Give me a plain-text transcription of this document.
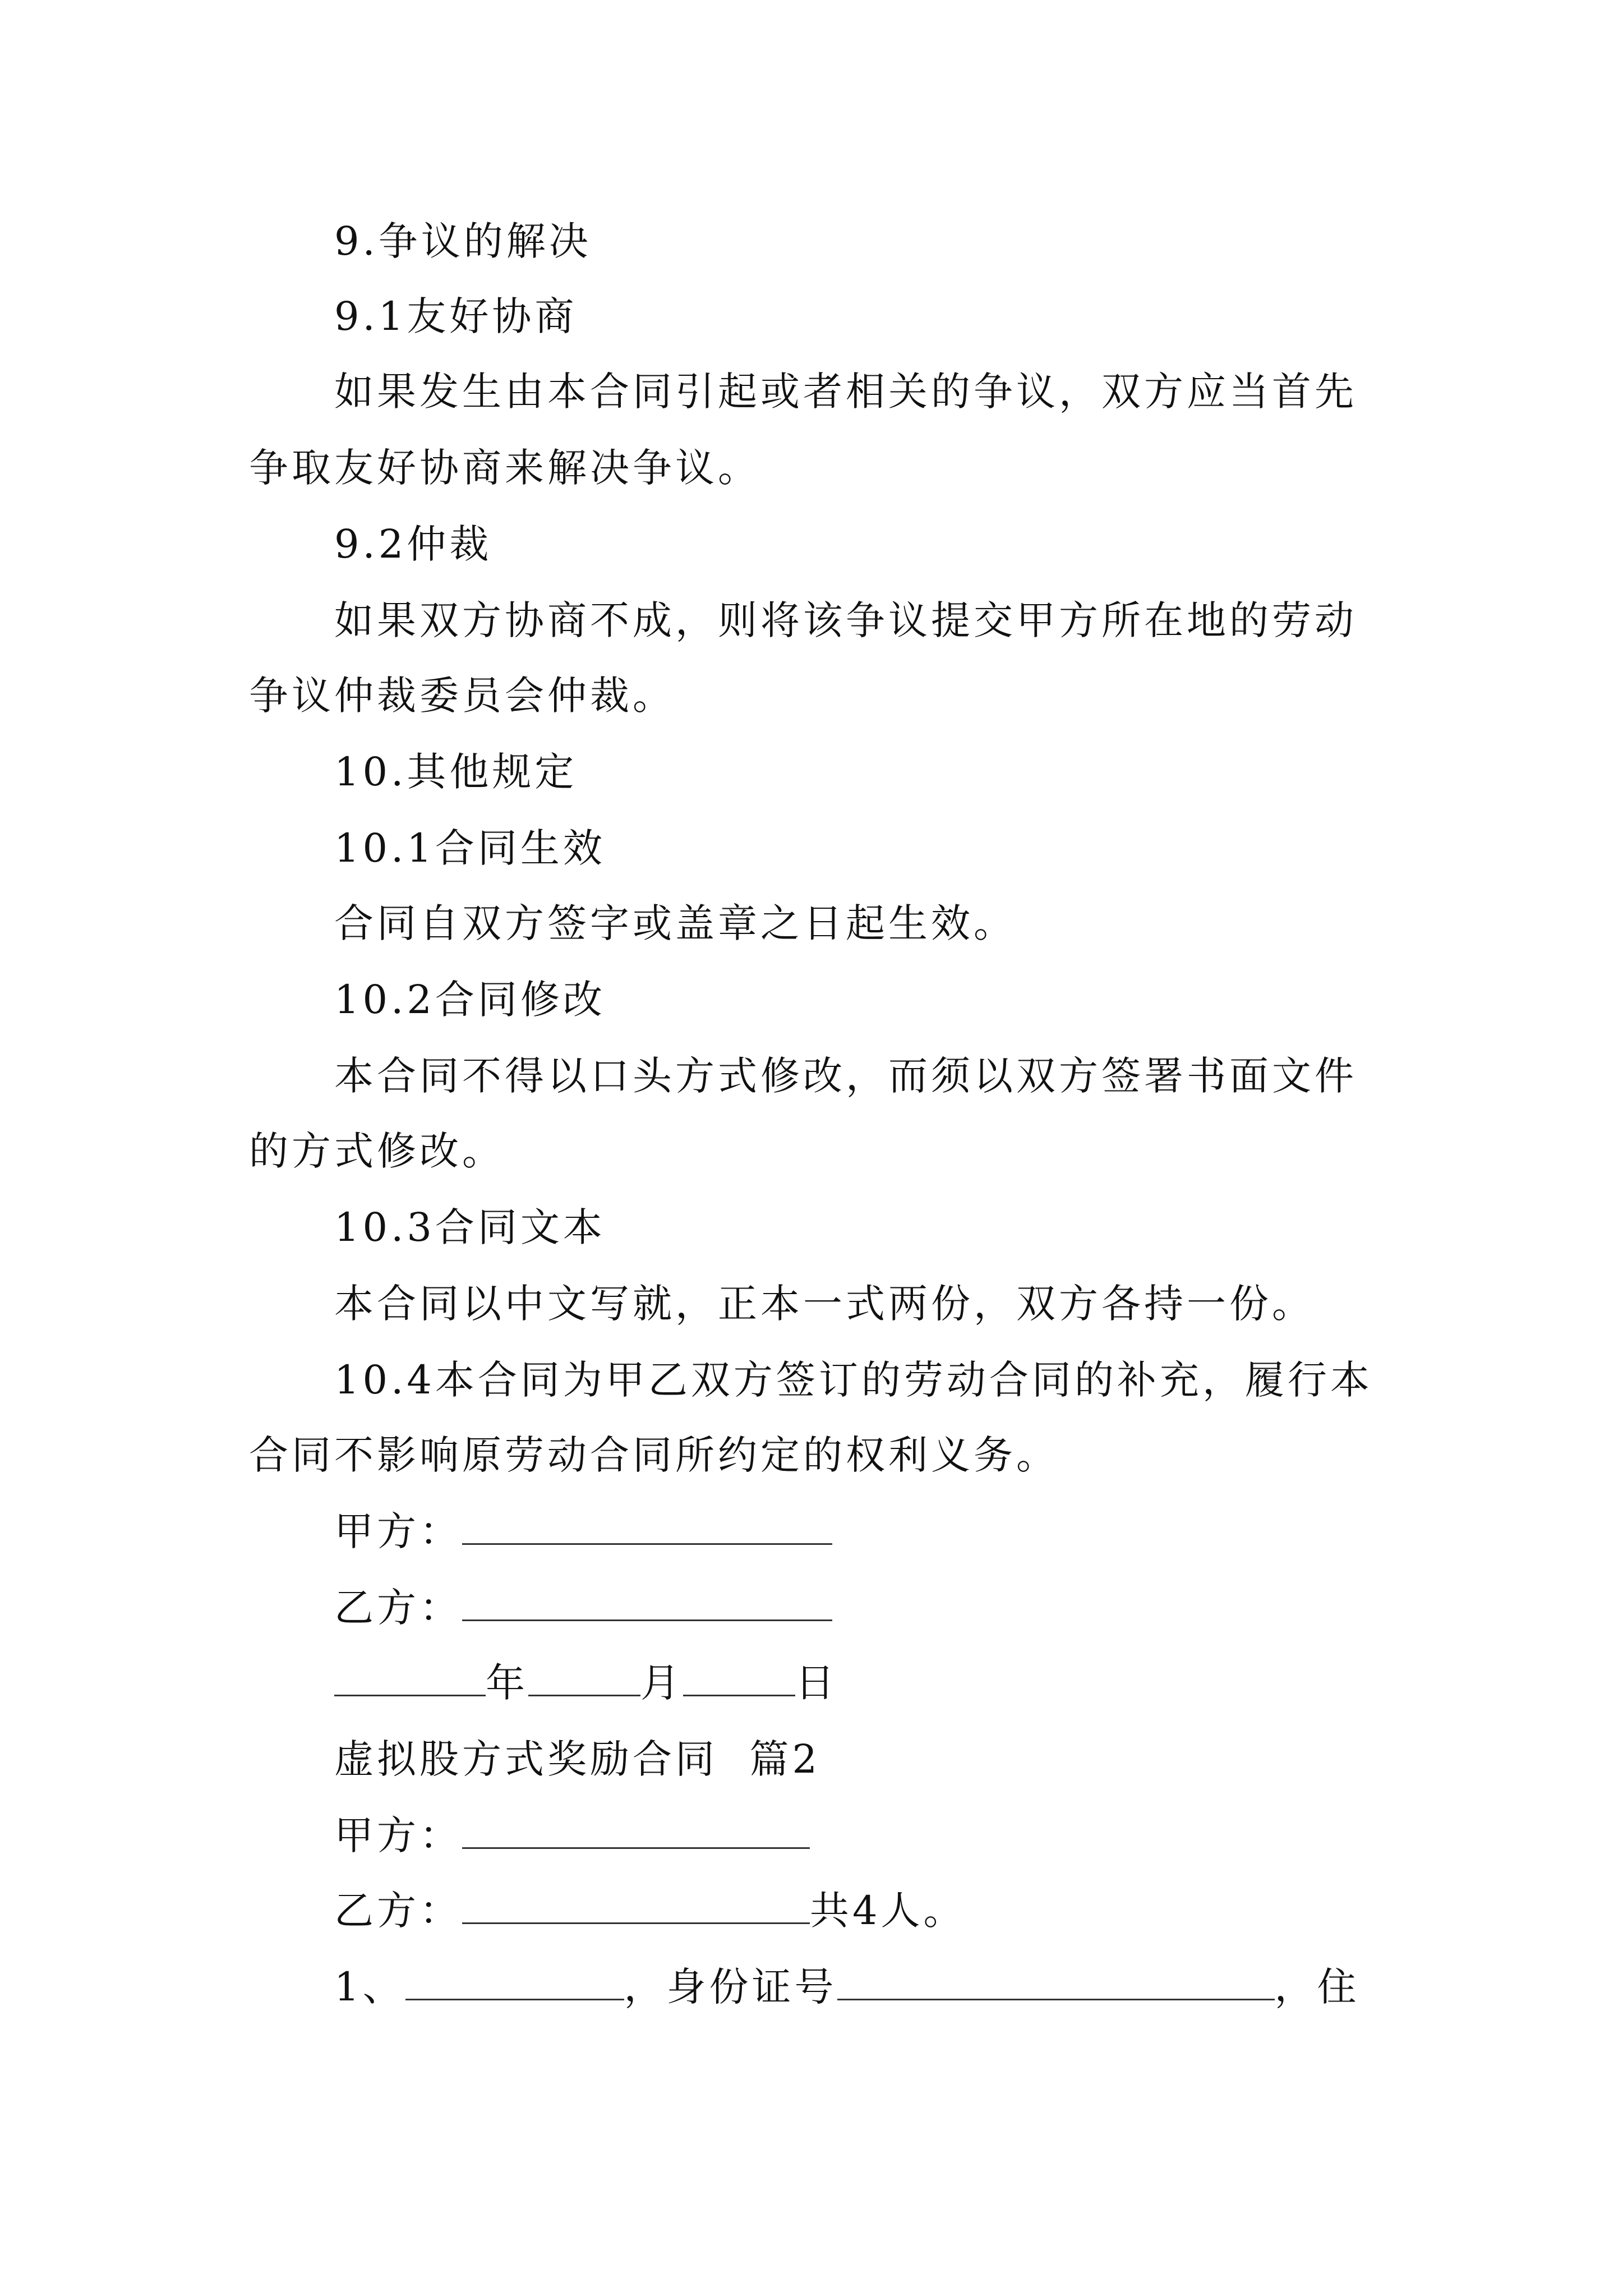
9.争议的解决
9.1友好协商
如果发生由本合同引起或者相关的争议，双方应当首先
争取友好协商来解决争议。
9.2仲裁
如果双方协商不成，则将该争议提交甲方所在地的劳动
争议仲裁委员会仲裁。
10.其他规定
10.1合同生效
合同自双方签字或盖章之日起生效。
10.2合同修改
本合同不得以口头方式修改，而须以双方签署书面文件
的方式修改。
10.3合同文本
本合同以中文写就，正本一式两份，双方各持一份。
10.4本合同为甲乙双方签订的劳动合同的补充，履行本
合同不影响原劳动合同所约定的权利义务。
甲方：
乙方：
年	月	日
虚拟股方式奖励合同  篇2
甲方：
乙方：	共4人。
1、	，身份证号	，住
